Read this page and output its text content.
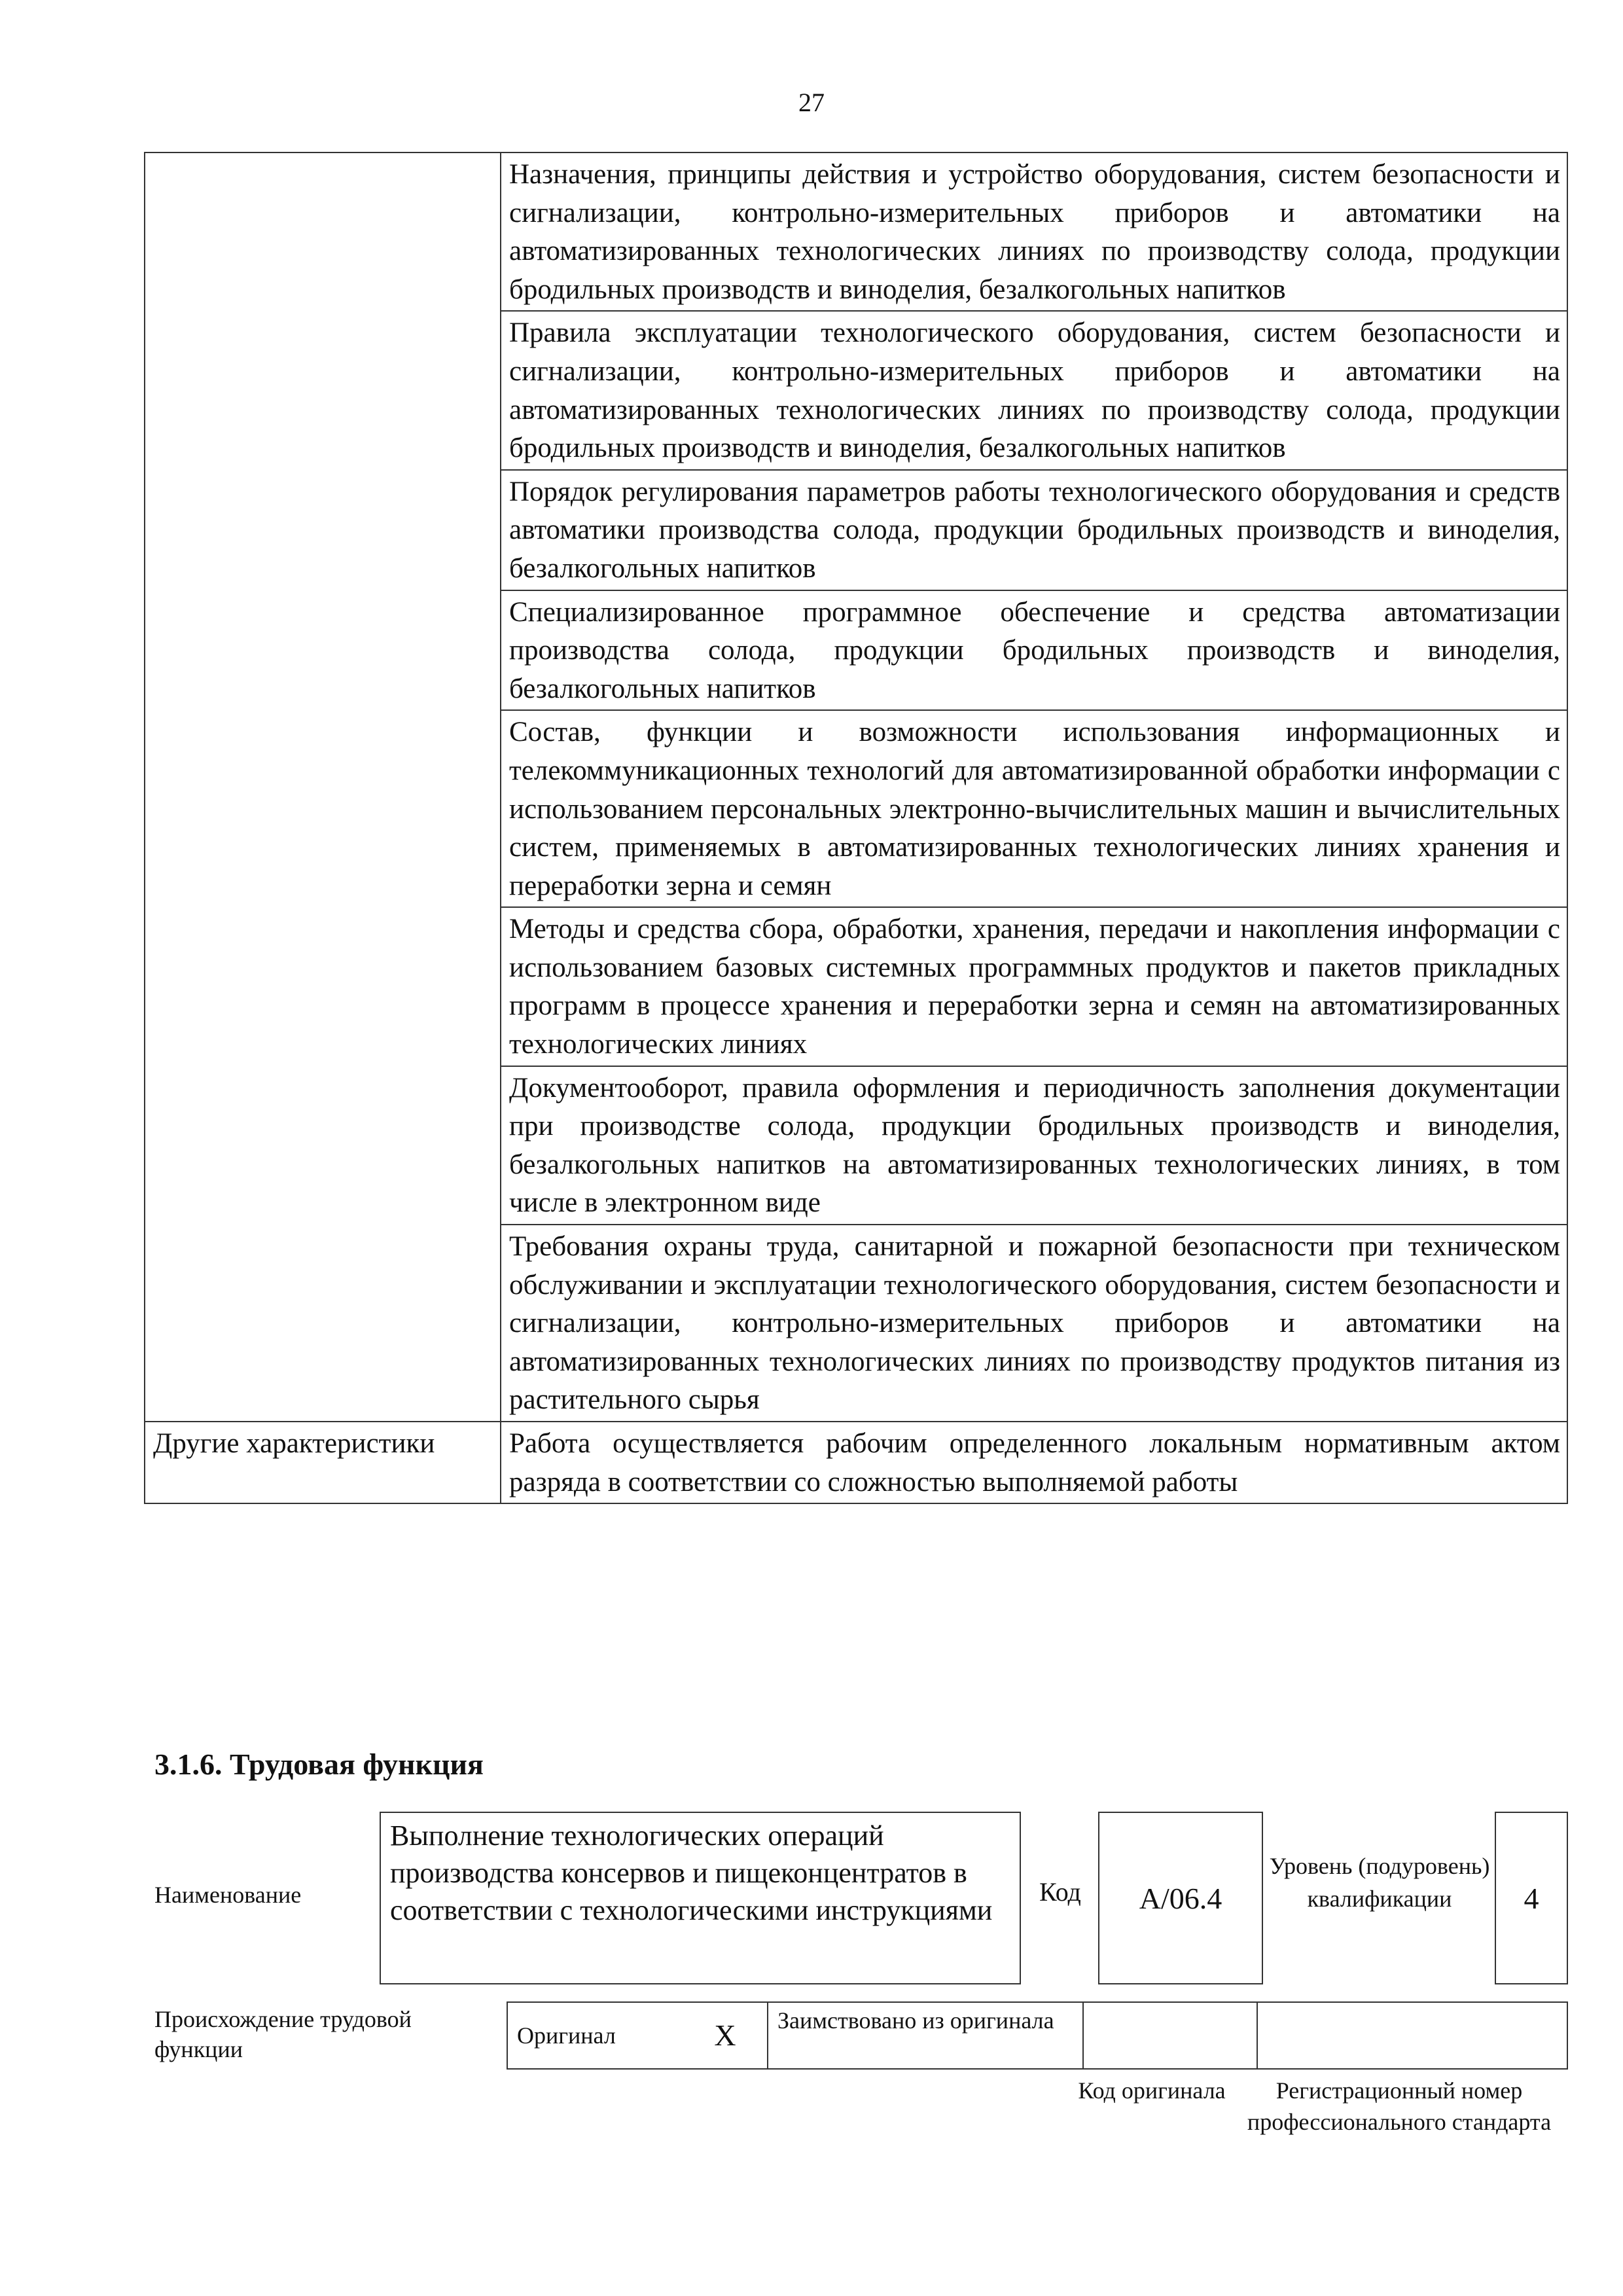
27
	Назначения, принципы действия и устройство оборудования, систем безопасности и сигнализации, контрольно-измерительных приборов и автоматики на автоматизированных технологических линиях по производству солода, продукции бродильных производств и виноделия, безалкогольных напитков
	Правила эксплуатации технологического оборудования, систем безопасности и сигнализации, контрольно-измерительных приборов и автоматики на автоматизированных технологических линиях по производству солода, продукции бродильных производств и виноделия, безалкогольных напитков
	Порядок регулирования параметров работы технологического оборудования и средств автоматики производства солода, продукции бродильных производств и виноделия, безалкогольных напитков
	Специализированное программное обеспечение и средства автоматизации производства солода, продукции бродильных производств и виноделия, безалкогольных напитков
	Состав, функции и возможности использования информационных и телекоммуникационных технологий для автоматизированной обработки информации с использованием персональных электронно-вычислительных машин и вычислительных систем, применяемых в автоматизированных технологических линиях хранения и переработки зерна и семян
	Методы и средства сбора, обработки, хранения, передачи и накопления информации с использованием базовых системных программных продуктов и пакетов прикладных программ в процессе хранения и переработки зерна и семян на автоматизированных технологических линиях
	Документооборот, правила оформления и периодичность заполнения документации при производстве солода, продукции бродильных производств и виноделия, безалкогольных напитков на автоматизированных технологических линиях, в том числе в электронном виде
	Требования охраны труда, санитарной и пожарной безопасности при техническом обслуживании и эксплуатации технологического оборудования, систем безопасности и сигнализации, контрольно-измерительных приборов и автоматики на автоматизированных технологических линиях по производству продуктов питания из растительного сырья
Другие характеристики	Работа осуществляется рабочим определенного локальным нормативным актом разряда в соответствии со сложностью выполняемой работы
3.1.6. Трудовая функция
Наименование
Выполнение технологических операций производства консервов и пищеконцентратов в соответствии с технологическими инструкциями
Код	А/06.4
Уровень (подуровень) квалификации	4
Происхождение трудовой функции
Оригинал	X	Заимствовано из оригинала		
Код оригинала	Регистрационный номер профессионального стандарта
